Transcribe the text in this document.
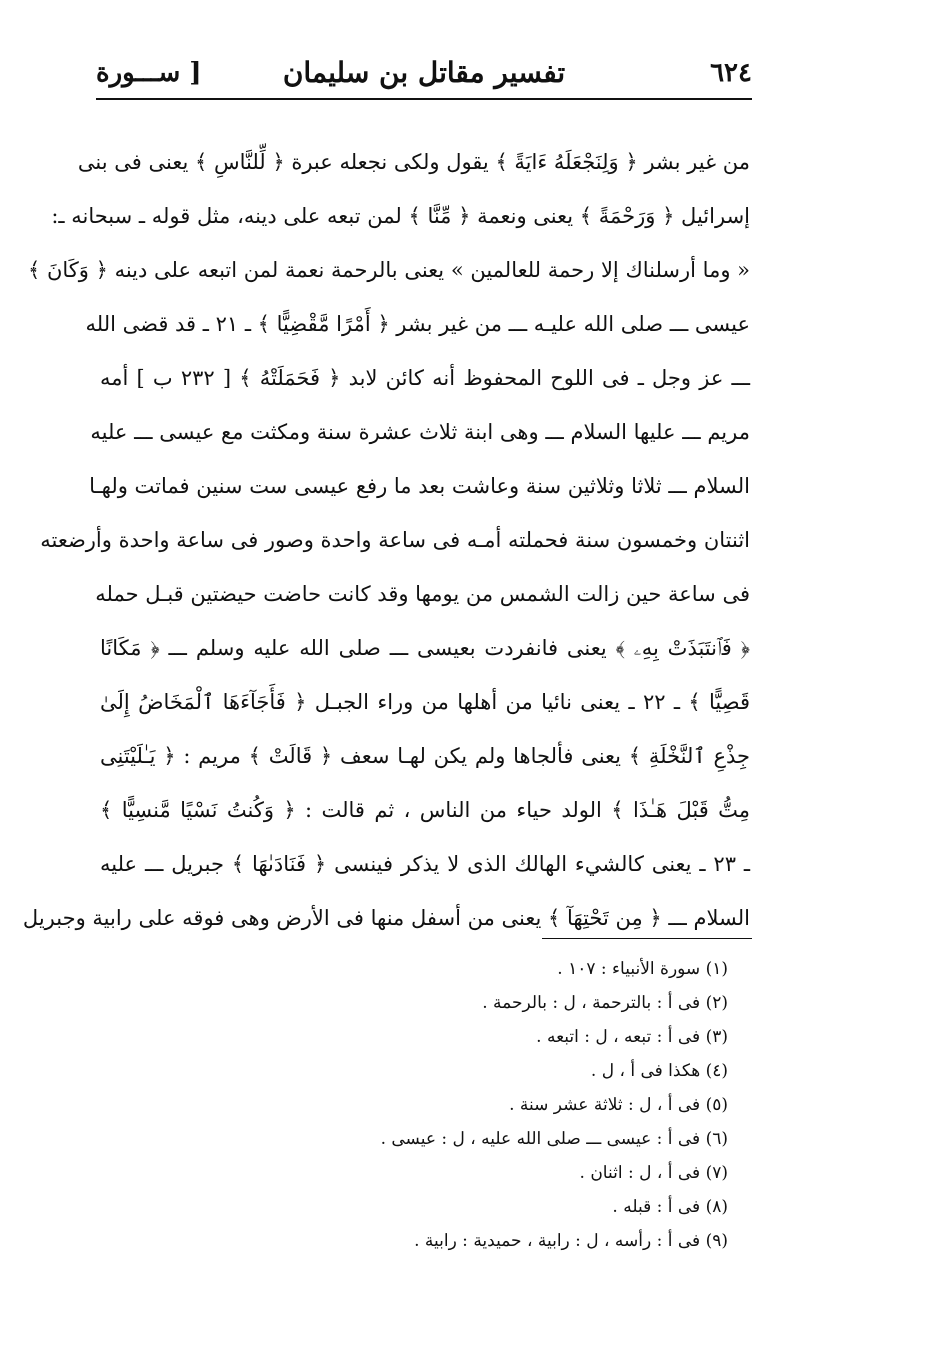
٦٢٤
تفسير مقاتل بن سليمان
[ ســـورة
من غير بشر ﴿ وَلِنَجْعَلَهُ ءَايَةً ﴾ يقول ولكى نجعله عبرة ﴿ لِّلنَّاسِ ﴾ يعنى فى بنى
إسرائيل ﴿ وَرَحْمَةً ﴾ يعنى ونعمة ﴿ مِّنَّا ﴾ لمن تبعه على دينه، مثل قوله ـ سبحانه ـ:
« وما أرسلناك إلا رحمة للعالمين » يعنى بالرحمة نعمة لمن اتبعه على دينه ﴿ وَكَانَ ﴾
عيسى ـــ صلى الله عليـه ـــ من غير بشر ﴿ أَمْرًا مَّقْضِيًّا ﴾ ـ ٢١ ـ قد قضى الله
ـــ عز وجل ـ فى اللوح المحفوظ أنه كائن لابد ﴿ فَحَمَلَتْهُ ﴾ [ ٢٣٢ ب ] أمه
مريم ـــ عليها السلام ـــ وهى ابنة ثلاث عشرة سنة ومكثت مع عيسى ـــ عليه
السلام ـــ ثلاثا وثلاثين سنة وعاشت بعد ما رفع عيسى ست سنين فماتت ولهـا
اثنتان وخمسون سنة فحملته أمـه فى ساعة واحدة وصور فى ساعة واحدة وأرضعته
فى ساعة حين زالت الشمس من يومها وقد كانت حاضت حيضتين قبـل حمله
﴿ فَٱنتَبَذَتْ بِهِۦ ﴾ يعنى فانفردت بعيسى ـــ صلى الله عليه وسلم ـــ ﴿ مَكَانًا
قَصِيًّا ﴾ ـ ٢٢ ـ يعنى نائيا من أهلها من وراء الجبـل ﴿ فَأَجَآءَهَا ٱلْمَخَاضُ إِلَىٰ
جِذْعِ ٱلنَّخْلَةِ ﴾ يعنى فألجاها ولم يكن لهـا سعف ﴿ قَالَتْ ﴾ مريم : ﴿ يَـٰلَيْتَنِى
مِتُّ قَبْلَ هَـٰذَا ﴾ الولد حياء من الناس ، ثم قالت : ﴿ وَكُنتُ نَسْيًا مَّنسِيًّا ﴾
ـ ٢٣ ـ يعنى كالشيء الهالك الذى لا يذكر فينسى ﴿ فَنَادَىٰهَا ﴾ جبريل ـــ عليه
السلام ـــ ﴿ مِن تَحْتِهَآ ﴾ يعنى من أسفل منها فى الأرض وهى فوقه على رابية وجبريل
(١) سورة الأنبياء : ١٠٧ .
(٢) فى أ : بالترحمة ، ل : بالرحمة .
(٣) فى أ : تبعه ، ل : اتبعه .
(٤) هكذا فى أ ، ل .
(٥) فى أ ، ل : ثلاثة عشر سنة .
(٦) فى أ : عيسى ـــ صلى الله عليه ، ل : عيسى .
(٧) فى أ ، ل : اثنان .
(٨) فى أ : قبله .
(٩) فى أ : رأسه ، ل : رابية ، حميدية : رابية .
